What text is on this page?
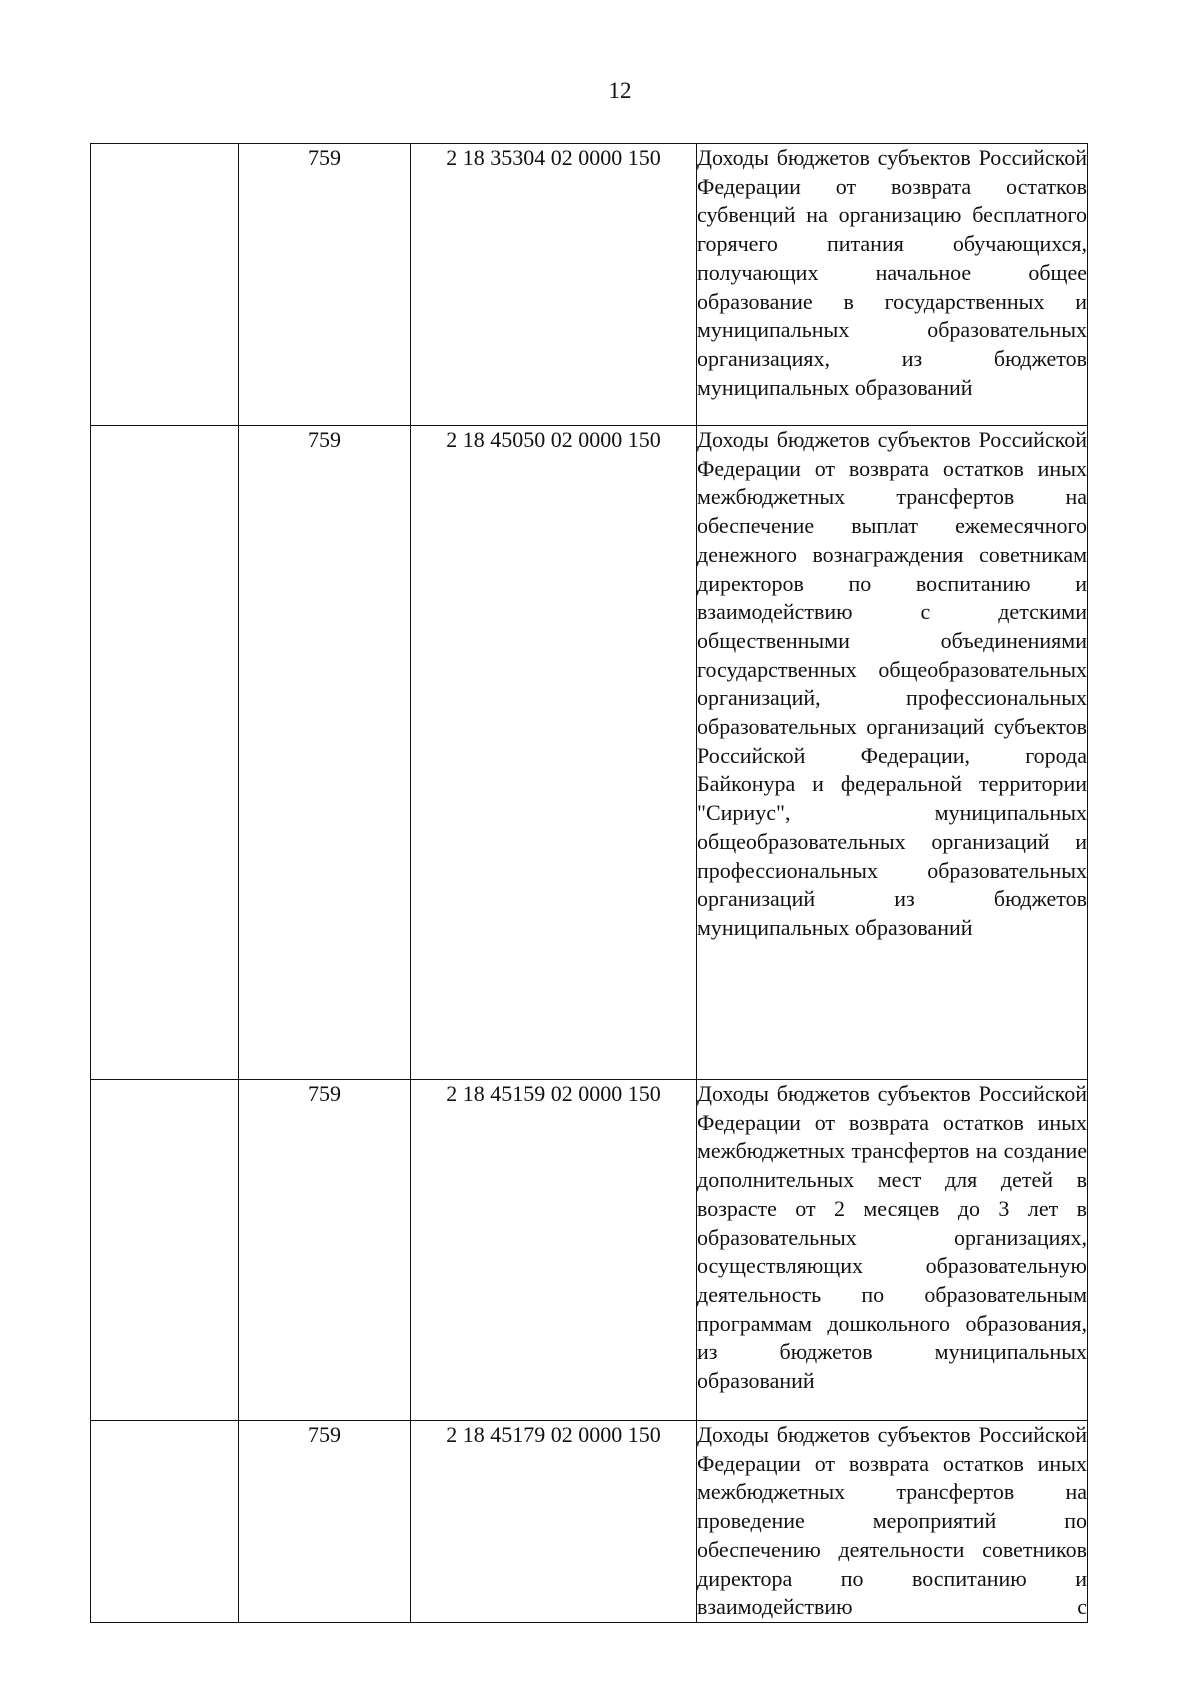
12
	759	2 18 35304 02 0000 150	Доходы бюджетов субъектов Российской Федерации от возврата остатков субвенций на организацию бесплатного горячего питания обучающихся, получающих начальное общее образование в государственных и муниципальных образовательных организациях, из бюджетов муниципальных образований

	759	2 18 45050 02 0000 150	Доходы бюджетов субъектов Российской Федерации от возврата остатков иных межбюджетных трансфертов на обеспечение выплат ежемесячного денежного вознаграждения советникам директоров по воспитанию и взаимодействию с детскими общественными объединениями государственных общеобразовательных организаций, профессиональных образовательных организаций субъектов Российской Федерации, города Байконура и федеральной территории "Сириус", муниципальных общеобразовательных организаций и профессиональных образовательных организаций из бюджетов муниципальных образований

	759	2 18 45159 02 0000 150	Доходы бюджетов субъектов Российской Федерации от возврата остатков иных межбюджетных трансфертов на создание дополнительных мест для детей в возрасте от 2 месяцев до 3 лет в образовательных организациях, осуществляющих образовательную деятельность по образовательным программам дошкольного образования, из бюджетов муниципальных образований

	759	2 18 45179 02 0000 150	Доходы бюджетов субъектов Российской Федерации от возврата остатков иных межбюджетных трансфертов на проведение мероприятий по обеспечению деятельности советников директора по воспитанию и взаимодействию с
